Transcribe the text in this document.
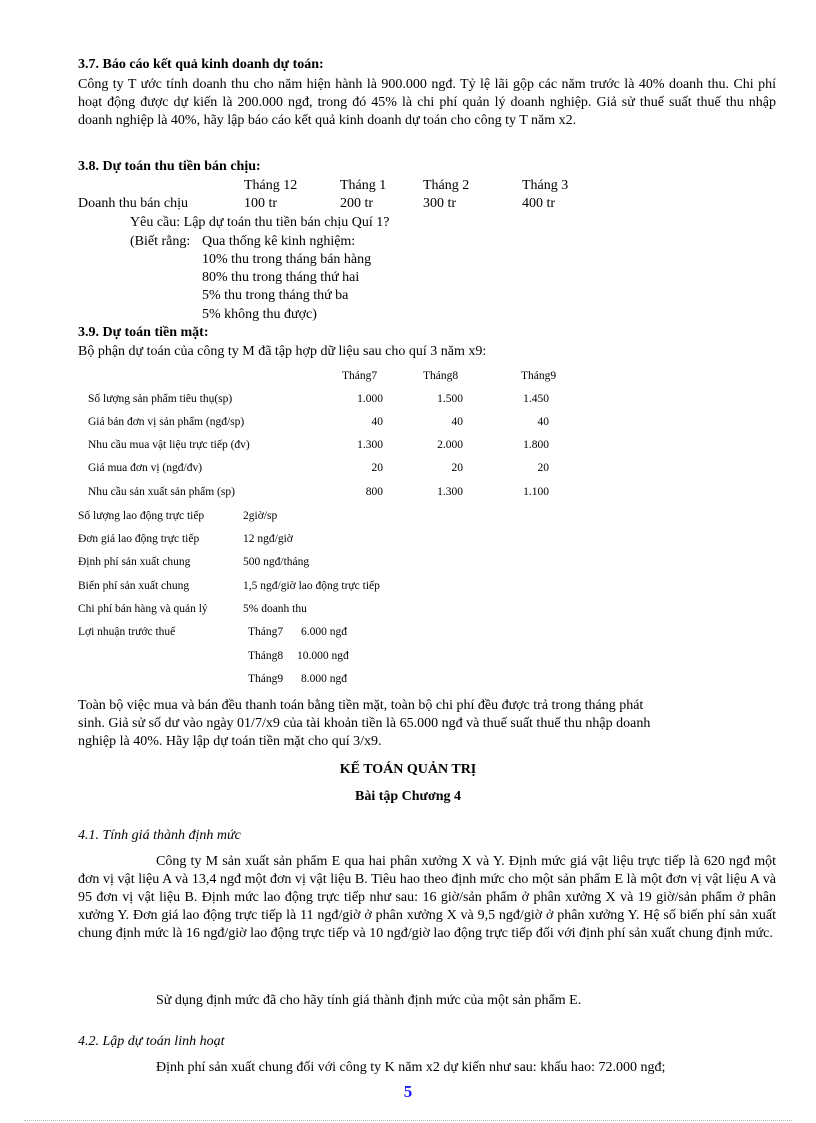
3.7. Báo cáo kết quả kinh doanh dự toán:
Công ty T ước tính doanh thu cho năm hiện hành là 900.000 ngđ. Tỷ lệ lãi gộp các năm trước là 40% doanh thu. Chi phí hoạt động được dự kiến là 200.000 ngđ, trong đó 45% là chi phí quản lý doanh nghiệp. Giả sử thuế suất thuế thu nhập doanh nghiệp là 40%, hãy lập báo cáo kết quả kinh doanh dự toán cho công ty T năm x2.
3.8. Dự toán thu tiền bán chịu:
Tháng 12	Tháng 1	Tháng 2	Tháng 3
Doanh thu bán chịu	100 tr	200 tr	300 tr	400 tr
Yêu cầu: Lập dự toán thu tiền bán chịu Quí 1?
(Biết rằng: Qua thống kê kinh nghiệm:
10% thu trong tháng bán hàng
80% thu trong tháng thứ hai
5% thu trong tháng thứ ba
5% không thu được)
3.9. Dự toán tiền mặt:
Bộ phận dự toán của công ty M đã tập hợp dữ liệu sau cho quí 3 năm x9:
Tháng7	Tháng8	Tháng9
Số lượng sản phẩm tiêu thụ(sp)	1.000	1.500	1.450
Giá bán đơn vị sản phẩm (ngđ/sp)	40	40	40
Nhu cầu mua vật liệu trực tiếp (đv)	1.300	2.000	1.800
Giá mua đơn vị (ngđ/đv)	20	20	20
Nhu cầu sản xuất sản phẩm (sp)	800	1.300	1.100
Số lượng lao động trực tiếp	2giờ/sp
Đơn giá lao động trực tiếp	12 ngđ/giờ
Định phí sản xuất chung	500 ngđ/tháng
Biến phí sản xuất chung	1,5 ngđ/giờ lao động trực tiếp
Chi phí bán hàng và quản lý	5% doanh thu
Lợi nhuận trước thuế	Tháng7 6.000 ngđ
Tháng8 10.000 ngđ
Tháng9 8.000 ngđ
Toàn bộ việc mua và bán đều thanh toán bằng tiền mặt, toàn bộ chi phí đều được trả trong tháng phát
sinh. Giả sử số dư vào ngày 01/7/x9 của tài khoản tiền là 65.000 ngđ và thuế suất thuế thu nhập doanh
nghiệp là 40%. Hãy lập dự toán tiền mặt cho quí 3/x9.
KẾ TOÁN QUẢN TRỊ
Bài tập Chương 4
4.1. Tính giá thành định mức
Công ty M sản xuất sản phẩm E qua hai phân xưởng X và Y. Định mức giá vật liệu trực tiếp là 620 ngđ một đơn vị vật liệu A và 13,4 ngđ một đơn vị vật liệu B. Tiêu hao theo định mức cho một sản phẩm E là một đơn vị vật liệu A và 95 đơn vị vật liệu B. Định mức lao động trực tiếp như sau: 16 giờ/sản phẩm ở phân xưởng X và 19 giờ/sản phẩm ở phân xưởng Y. Đơn giá lao động trực tiếp là 11 ngđ/giờ ở phân xưởng X và 9,5 ngđ/giờ ở phân xưởng Y. Hệ số biến phí sản xuất chung định mức là 16 ngđ/giờ lao động trực tiếp và 10 ngđ/giờ lao động trực tiếp đối với định phí sản xuất chung định mức.
Sử dụng định mức đã cho hãy tính giá thành định mức của một sản phẩm E.
4.2. Lập dự toán linh hoạt
Định phí sản xuất chung đối với công ty K năm x2 dự kiến như sau: khấu hao: 72.000 ngđ;
5
